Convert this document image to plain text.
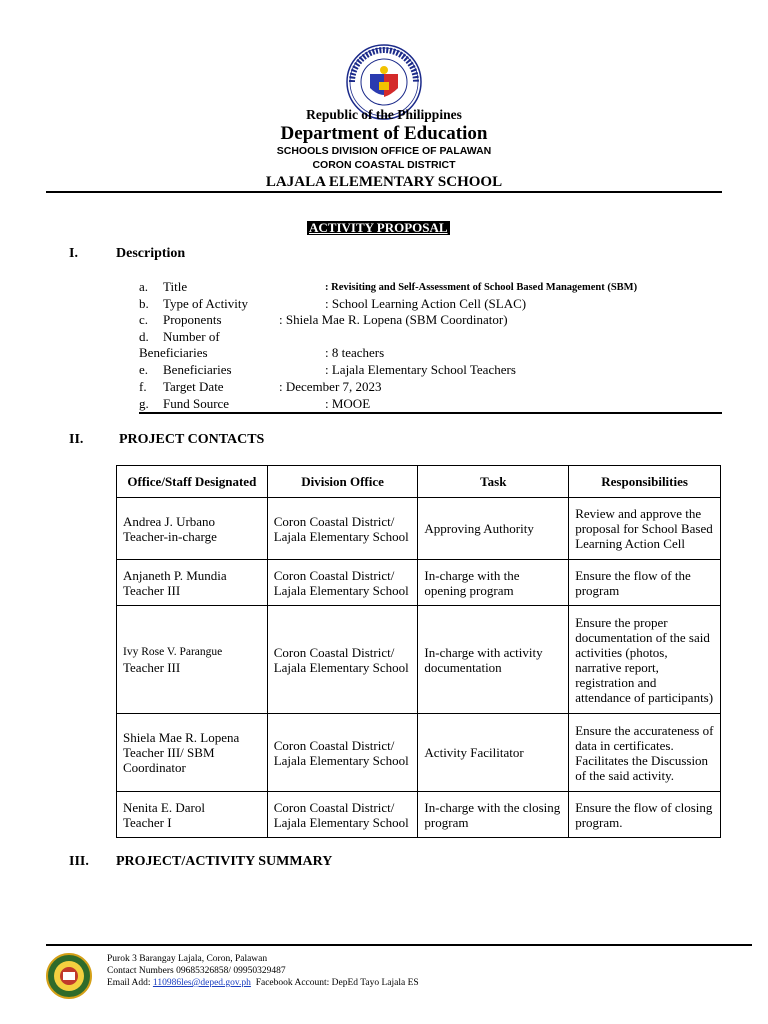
Republic of the Philippines
Department of Education
SCHOOLS DIVISION OFFICE OF PALAWAN
CORON COASTAL DISTRICT
LAJALA ELEMENTARY SCHOOL
ACTIVITY PROPOSAL
I.	Description
a. Title	: Revisiting and Self-Assessment of School Based Management (SBM)
b. Type of Activity	: School Learning Action Cell (SLAC)
c. Proponents	: Shiela Mae R. Lopena (SBM Coordinator)
d. Number of
Beneficiaries	: 8 teachers
e. Beneficiaries	: Lajala Elementary School Teachers
f. Target Date	: December 7, 2023
g. Fund Source	: MOOE
II.	PROJECT CONTACTS
Office/Staff Designated	Division Office	Task	Responsibilities

Andrea J. Urbano
Teacher-in-charge	Coron Coastal District/ Lajala Elementary School	Approving Authority	Review and approve the proposal for School Based Learning Action Cell

Anjaneth P. Mundia
Teacher III	Coron Coastal District/ Lajala Elementary School	In-charge with the opening program	Ensure the flow of the program

Ivy Rose V. Parangue
Teacher III	Coron Coastal District/ Lajala Elementary School	In-charge with activity documentation	Ensure the proper documentation of the said activities (photos, narrative report, registration and attendance of participants)

Shiela Mae R. Lopena
Teacher III/ SBM Coordinator	Coron Coastal District/ Lajala Elementary School	Activity Facilitator	Ensure the accurateness of data in certificates. Facilitates the Discussion of the said activity.

Nenita E. Darol
Teacher I	Coron Coastal District/ Lajala Elementary School	In-charge with the closing program	Ensure the flow of closing program.
III. PROJECT/ACTIVITY SUMMARY
Purok 3 Barangay Lajala, Coron, Palawan
Contact Numbers 09685326858/ 09950329487
Email Add: 110986les@deped.gov.ph  Facebook Account: DepEd Tayo Lajala ES
